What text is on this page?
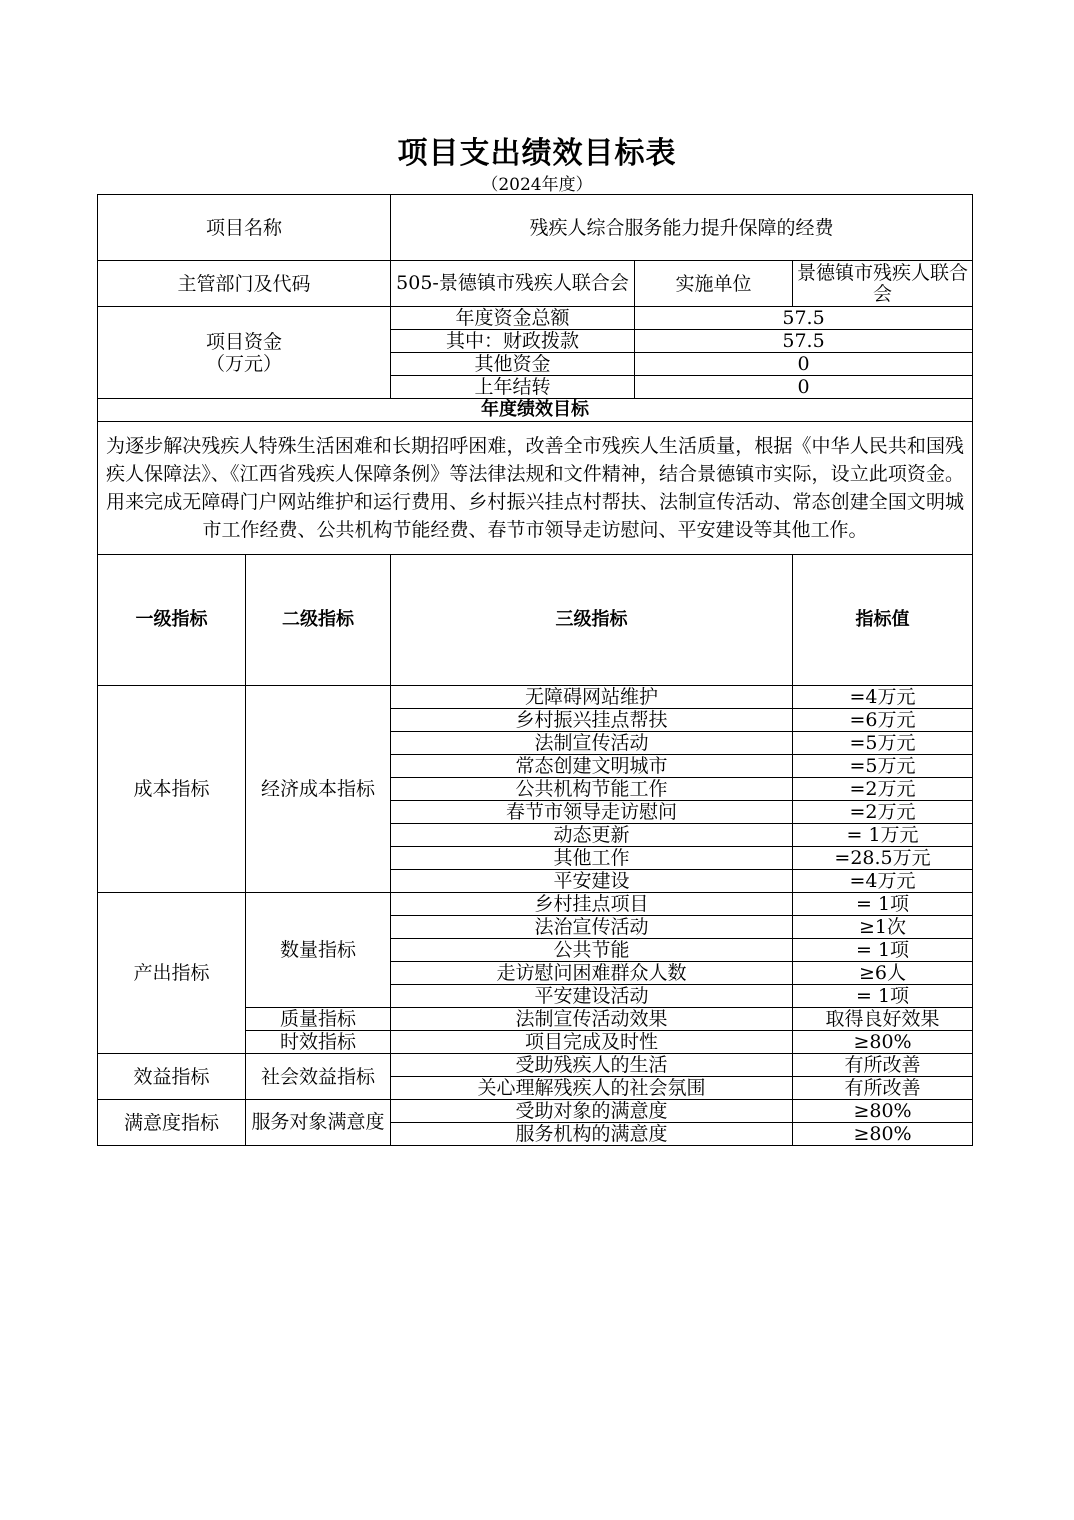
项目支出绩效目标表
（2024年度）
项目名称		残疾人综合服务能力提升保障的经费		
主管部门及代码		505-景德镇市残疾人联合会	实施单位	景德镇市残疾人联合会
项目资金
（万元）		年度资金总额	57.5	
		其中：财政拨款	57.5	
		其他资金	0	
		上年结转	0	
年度绩效目标				
为逐步解决残疾人特殊生活困难和长期招呼困难，改善全市残疾人生活质量，根据《中华人民共和国残疾人保障法》、《江西省残疾人保障条例》等法律法规和文件精神，结合景德镇市实际，设立此项资金。用来完成无障碍门户网站维护和运行费用、乡村振兴挂点村帮扶、法制宣传活动、常态创建全国文明城市工作经费、公共机构节能经费、春节市领导走访慰问、平安建设等其他工作。				
一级指标	二级指标	三级指标		指标值
成本指标	经济成本指标	无障碍网站维护		=4万元
		乡村振兴挂点帮扶		=6万元
		法制宣传活动		=5万元
		常态创建文明城市		=5万元
		公共机构节能工作		=2万元
		春节市领导走访慰问		=2万元
		动态更新		= 1万元
		其他工作		=28.5万元
		平安建设		=4万元
产出指标	数量指标	乡村挂点项目		= 1项
		法治宣传活动		≥1次
		公共节能		= 1项
		走访慰问困难群众人数		≥6人
		平安建设活动		= 1项
	质量指标	法制宣传活动效果		取得良好效果
	时效指标	项目完成及时性		≥80%
效益指标	社会效益指标	受助残疾人的生活		有所改善
		关心理解残疾人的社会氛围		有所改善
满意度指标	服务对象满意度	受助对象的满意度		≥80%
		服务机构的满意度		≥80%
